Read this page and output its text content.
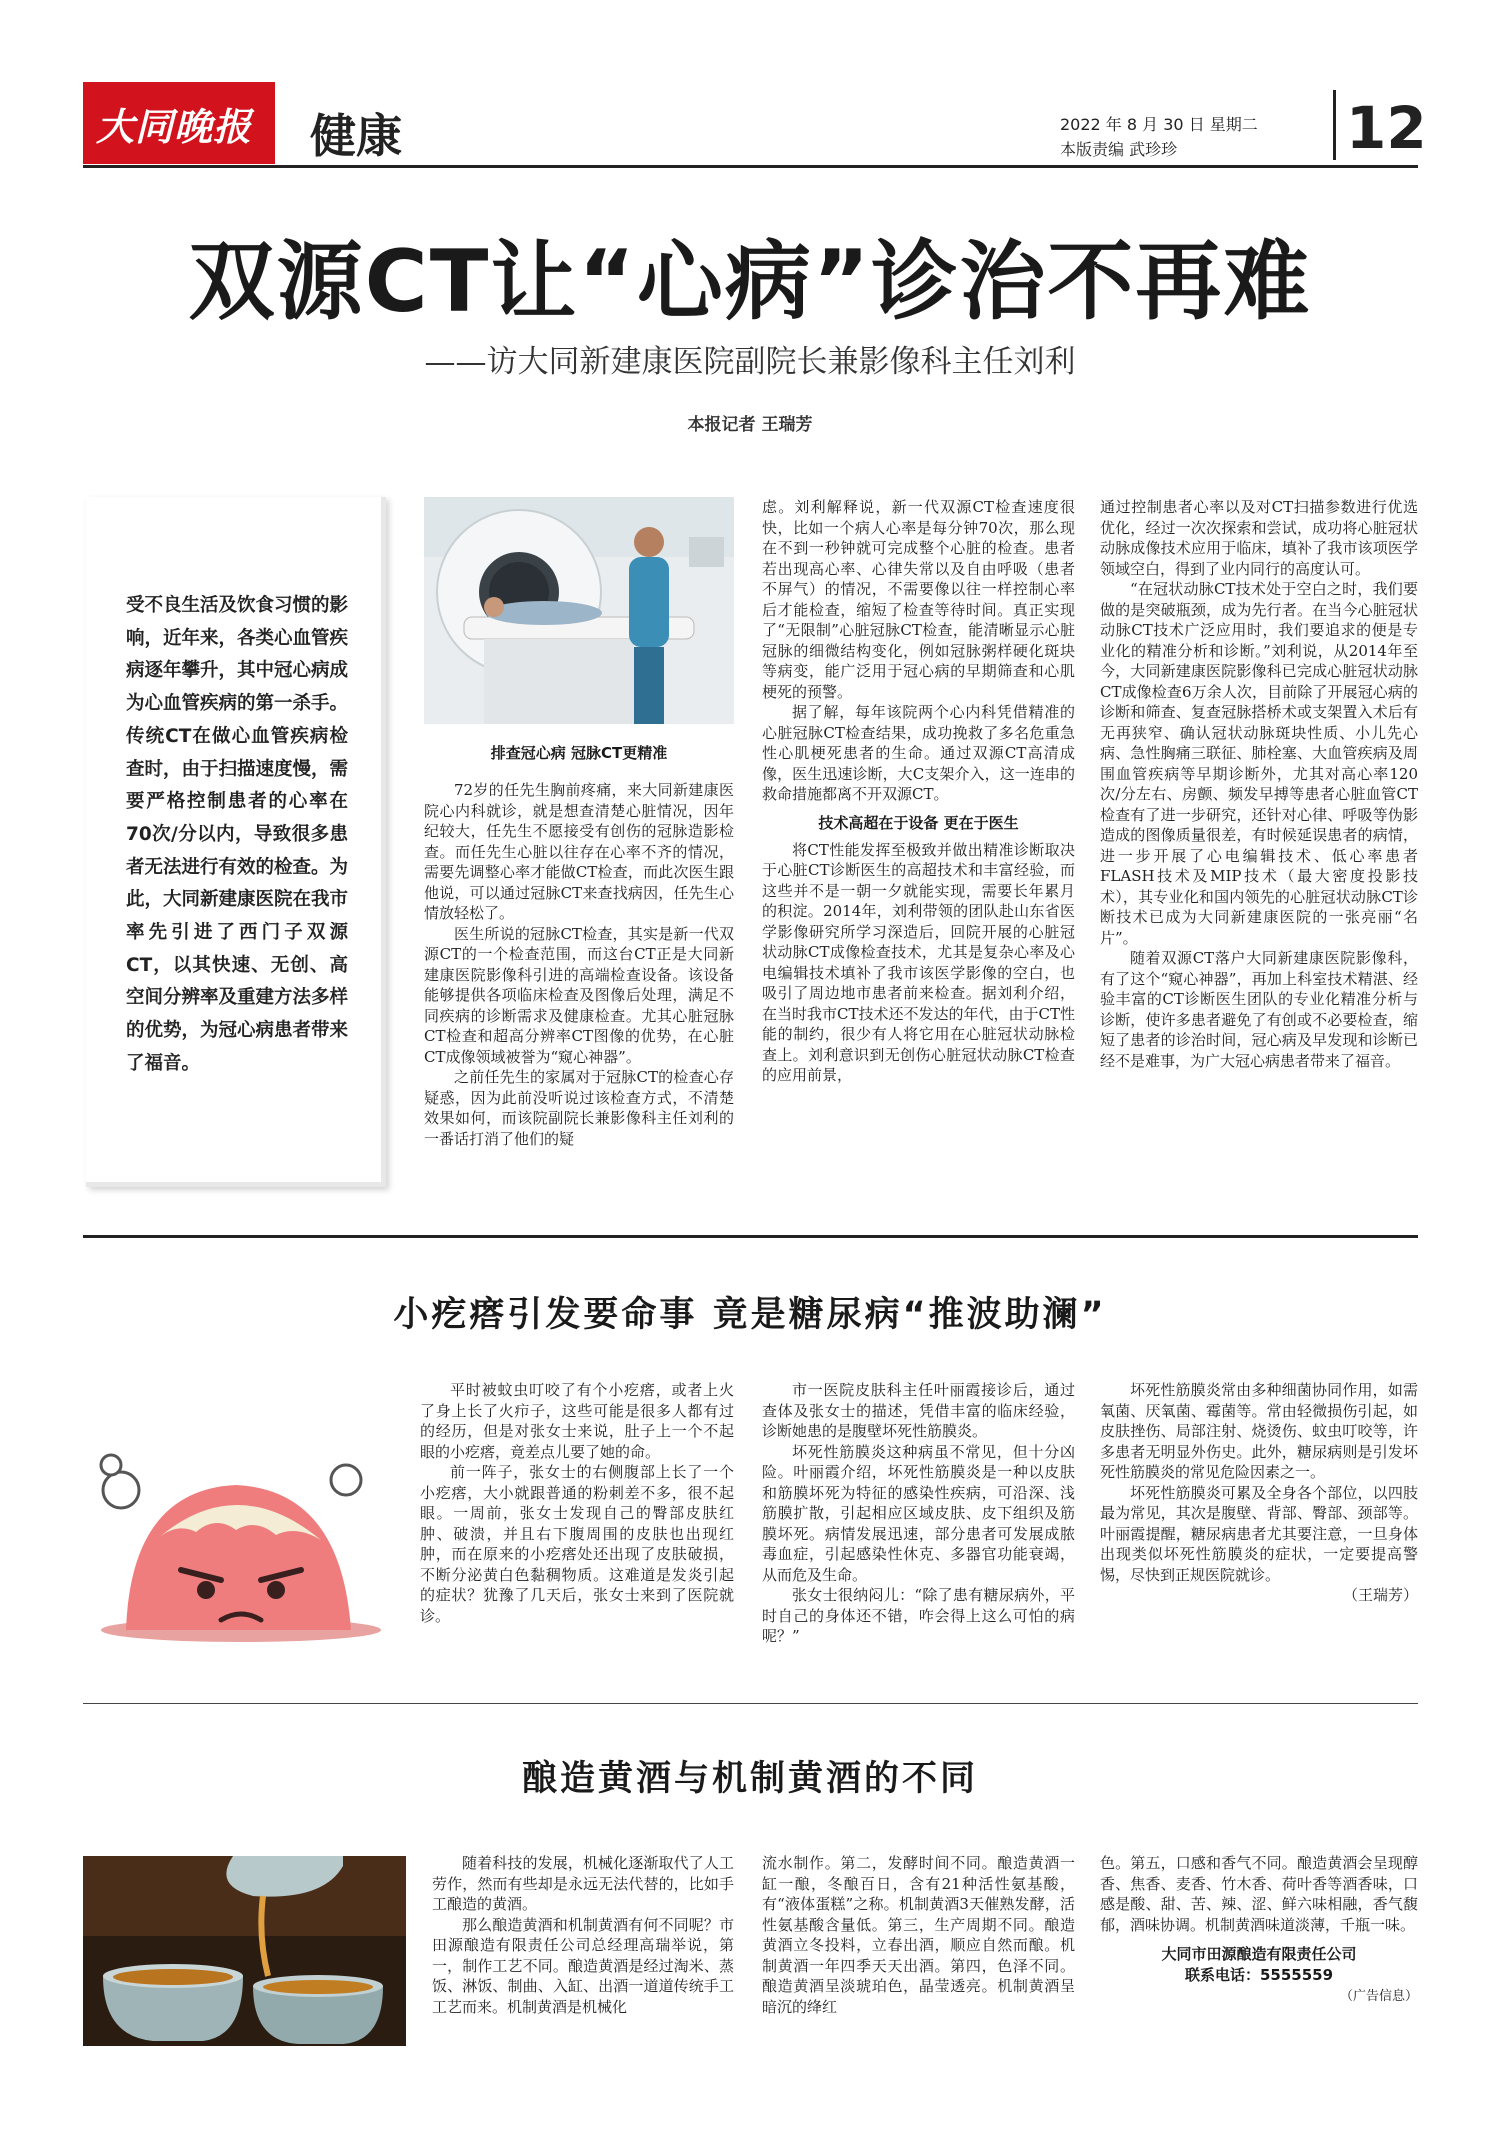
大同晚报 健康	2022 年 8 月 30 日 星期二
本版责编 武珍珍	12
双源CT让“心病”诊治不再难
——访大同新建康医院副院长兼影像科主任刘利
本报记者 王瑞芳
受不良生活及饮食习惯的影响，近年来，各类心血管疾病逐年攀升，其中冠心病成为心血管疾病的第一杀手。传统CT在做心血管疾病检查时，由于扫描速度慢，需要严格控制患者的心率在70次/分以内，导致很多患者无法进行有效的检查。为此，大同新建康医院在我市率先引进了西门子双源CT，以其快速、无创、高空间分辨率及重建方法多样的优势，为冠心病患者带来了福音。
排查冠心病 冠脉CT更精准

72岁的任先生胸前疼痛，来大同新建康医院心内科就诊，就是想查清楚心脏情况，因年纪较大，任先生不愿接受有创伤的冠脉造影检查。而任先生心脏以往存在心率不齐的情况，需要先调整心率才能做CT检查，而此次医生跟他说，可以通过冠脉CT来查找病因，任先生心情放轻松了。

医生所说的冠脉CT检查，其实是新一代双源CT的一个检查范围，而这台CT正是大同新建康医院影像科引进的高端检查设备。该设备能够提供各项临床检查及图像后处理，满足不同疾病的诊断需求及健康检查。尤其心脏冠脉CT检查和超高分辨率CT图像的优势，在心脏CT成像领域被誉为“窥心神器”。

之前任先生的家属对于冠脉CT的检查心存疑惑，因为此前没听说过该检查方式，不清楚效果如何，而该院副院长兼影像科主任刘利的一番话打消了他们的疑

虑。刘利解释说，新一代双源CT检查速度很快，比如一个病人心率是每分钟70次，那么现在不到一秒钟就可完成整个心脏的检查。患者若出现高心率、心律失常以及自由呼吸（患者不屏气）的情况，不需要像以往一样控制心率后才能检查，缩短了检查等待时间。真正实现了“无限制”心脏冠脉CT检查，能清晰显示心脏冠脉的细微结构变化，例如冠脉粥样硬化斑块等病变，能广泛用于冠心病的早期筛查和心肌梗死的预警。

据了解，每年该院两个心内科凭借精准的心脏冠脉CT检查结果，成功挽救了多名危重急性心肌梗死患者的生命。通过双源CT高清成像，医生迅速诊断，大C支架介入，这一连串的救命措施都离不开双源CT。

技术高超在于设备 更在于医生

将CT性能发挥至极致并做出精准诊断取决于心脏CT诊断医生的高超技术和丰富经验，而这些并不是一朝一夕就能实现，需要长年累月的积淀。2014年，刘利带领的团队赴山东省医学影像研究所学习深造后，回院开展的心脏冠状动脉CT成像检查技术，尤其是复杂心率及心电编辑技术填补了我市该医学影像的空白，也吸引了周边地市患者前来检查。据刘利介绍，在当时我市CT技术还不发达的年代，由于CT性能的制约，很少有人将它用在心脏冠状动脉检查上。刘利意识到无创伤心脏冠状动脉CT检查的应用前景，

通过控制患者心率以及对CT扫描参数进行优选优化，经过一次次探索和尝试，成功将心脏冠状动脉成像技术应用于临床，填补了我市该项医学领域空白，得到了业内同行的高度认可。

“在冠状动脉CT技术处于空白之时，我们要做的是突破瓶颈，成为先行者。在当今心脏冠状动脉CT技术广泛应用时，我们要追求的便是专业化的精准分析和诊断。”刘利说，从2014年至今，大同新建康医院影像科已完成心脏冠状动脉CT成像检查6万余人次，目前除了开展冠心病的诊断和筛查、复查冠脉搭桥术或支架置入术后有无再狭窄、确认冠状动脉斑块性质、小儿先心病、急性胸痛三联征、肺栓塞、大血管疾病及周围血管疾病等早期诊断外，尤其对高心率120次/分左右、房颤、频发早搏等患者心脏血管CT检查有了进一步研究，还针对心律、呼吸等伪影造成的图像质量很差，有时候延误患者的病情，进一步开展了心电编辑技术、低心率患者FLASH技术及MIP技术（最大密度投影技术），其专业化和国内领先的心脏冠状动脉CT诊断技术已成为大同新建康医院的一张亮丽“名片”。

随着双源CT落户大同新建康医院影像科，有了这个“窥心神器”，再加上科室技术精湛、经验丰富的CT诊断医生团队的专业化精准分析与诊断，使许多患者避免了有创或不必要检查，缩短了患者的诊治时间，冠心病及早发现和诊断已经不是难事，为广大冠心病患者带来了福音。

小疙瘩引发要命事 竟是糖尿病“推波助澜”

平时被蚊虫叮咬了有个小疙瘩，或者上火了身上长了火疖子，这些可能是很多人都有过的经历，但是对张女士来说，肚子上一个不起眼的小疙瘩，竟差点儿要了她的命。

前一阵子，张女士的右侧腹部上长了一个小疙瘩，大小就跟普通的粉刺差不多，很不起眼。一周前，张女士发现自己的臀部皮肤红肿、破溃，并且右下腹周围的皮肤也出现红肿，而在原来的小疙瘩处还出现了皮肤破损，不断分泌黄白色黏稠物质。这难道是发炎引起的症状？犹豫了几天后，张女士来到了医院就诊。

市一医院皮肤科主任叶丽霞接诊后，通过查体及张女士的描述，凭借丰富的临床经验，诊断她患的是腹壁坏死性筋膜炎。

坏死性筋膜炎这种病虽不常见，但十分凶险。叶丽霞介绍，坏死性筋膜炎是一种以皮肤和筋膜坏死为特征的感染性疾病，可沿深、浅筋膜扩散，引起相应区域皮肤、皮下组织及筋膜坏死。病情发展迅速，部分患者可发展成脓毒血症，引起感染性休克、多器官功能衰竭，从而危及生命。

张女士很纳闷儿：“除了患有糖尿病外，平时自己的身体还不错，咋会得上这么可怕的病呢？”

坏死性筋膜炎常由多种细菌协同作用，如需氧菌、厌氧菌、霉菌等。常由轻微损伤引起，如皮肤挫伤、局部注射、烧烫伤、蚊虫叮咬等，许多患者无明显外伤史。此外，糖尿病则是引发坏死性筋膜炎的常见危险因素之一。

坏死性筋膜炎可累及全身各个部位，以四肢最为常见，其次是腹壁、背部、臀部、颈部等。叶丽霞提醒，糖尿病患者尤其要注意，一旦身体出现类似坏死性筋膜炎的症状，一定要提高警惕，尽快到正规医院就诊。

（王瑞芳）
酿造黄酒与机制黄酒的不同

随着科技的发展，机械化逐渐取代了人工劳作，然而有些却是永远无法代替的，比如手工酿造的黄酒。

那么酿造黄酒和机制黄酒有何不同呢？市田源酿造有限责任公司总经理高瑞举说，第一，制作工艺不同。酿造黄酒是经过淘米、蒸饭、淋饭、制曲、入缸、出酒一道道传统手工工艺而来。机制黄酒是机械化

流水制作。第二，发酵时间不同。酿造黄酒一缸一酿，冬酿百日，含有21种活性氨基酸，有“液体蛋糕”之称。机制黄酒3天催熟发酵，活性氨基酸含量低。第三，生产周期不同。酿造黄酒立冬投料，立春出酒，顺应自然而酿。机制黄酒一年四季天天出酒。第四，色泽不同。酿造黄酒呈淡琥珀色，晶莹透亮。机制黄酒呈暗沉的绛红

色。第五，口感和香气不同。酿造黄酒会呈现醇香、焦香、麦香、竹木香、荷叶香等酒香味，口感是酸、甜、苦、辣、涩、鲜六味相融，香气馥郁，酒味协调。机制黄酒味道淡薄，千瓶一味。

大同市田源酿造有限责任公司
联系电话：5555559
（广告信息）
